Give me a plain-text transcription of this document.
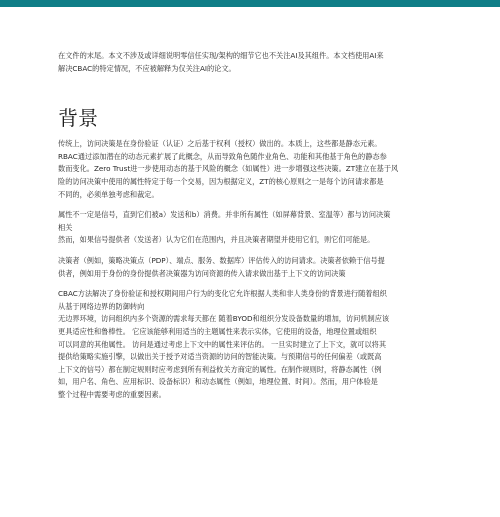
在文件的末尾。本文不涉及或详细说明零信任实现/架构的细节它也不关注AI及其组件。本文档使用AI来
解决CBAC的特定情况，不应被解释为仅关注AI的论文。

背景

传统上，访问决策是在身份验证（认证）之后基于权利（授权）做出的。本质上，这些都是静态元素。
RBAC通过添加潜在的动态元素扩展了此概念，从而导致角色随作业角色、功能和其他基于角色的静态参
数而变化。Zero Trust进一步使用动态的基于风险的概念（如属性）进一步增强这些决策。ZT建立在基于风
险的访问决策中使用的属性特定于每一个交易，因为根据定义，ZT的核心原则之一是每个访问请求都是
不同的，必须单独考虑和裁定。

属性不一定是信号，直到它们被a）发送和b）消费。并非所有属性（如屏幕背景、室温等）都与访问决策
相关
然而，如果信号提供者（发送者）认为它们在范围内，并且决策者期望并使用它们，则它们可能是。

决策者（例如，策略决策点（PDP）、端点、服务、数据库）评估传入的访问请求。决策者依赖于信号提
供者，例如用于身份的身份提供者决策器为访问资源的传入请求做出基于上下文的访问决策

CBAC方法解决了身份验证和授权期间用户行为的变化它允许根据人类和非人类身份的背景进行随着组织
从基于网络边界的防御转向
无边界环境，访问组织内多个资源的需求每天都在 随着BYOD和组织分发设备数量的增加，访问机制应该
更具适应性和鲁棒性。 它应该能够利用适当的主题属性来表示实体，它使用的设备，地理位置或组织
可以同意的其他属性。 访问是通过考虑上下文中的属性来评估的。 一旦实时建立了上下文，就可以将其
提供给策略实施引擎，以做出关于授予对适当资源的访问的智能决策。与预期信号的任何偏差（或既高
上下文的信号）都在制定规则时应考虑到所有利益攸关方商定的属性。在制作规则时，将静态属性（例
如，用户名、角色、应用标识、设备标识）和动态属性（例如，地理位置、时间）。然而，用户体验是
整个过程中需要考虑的重要因素。
